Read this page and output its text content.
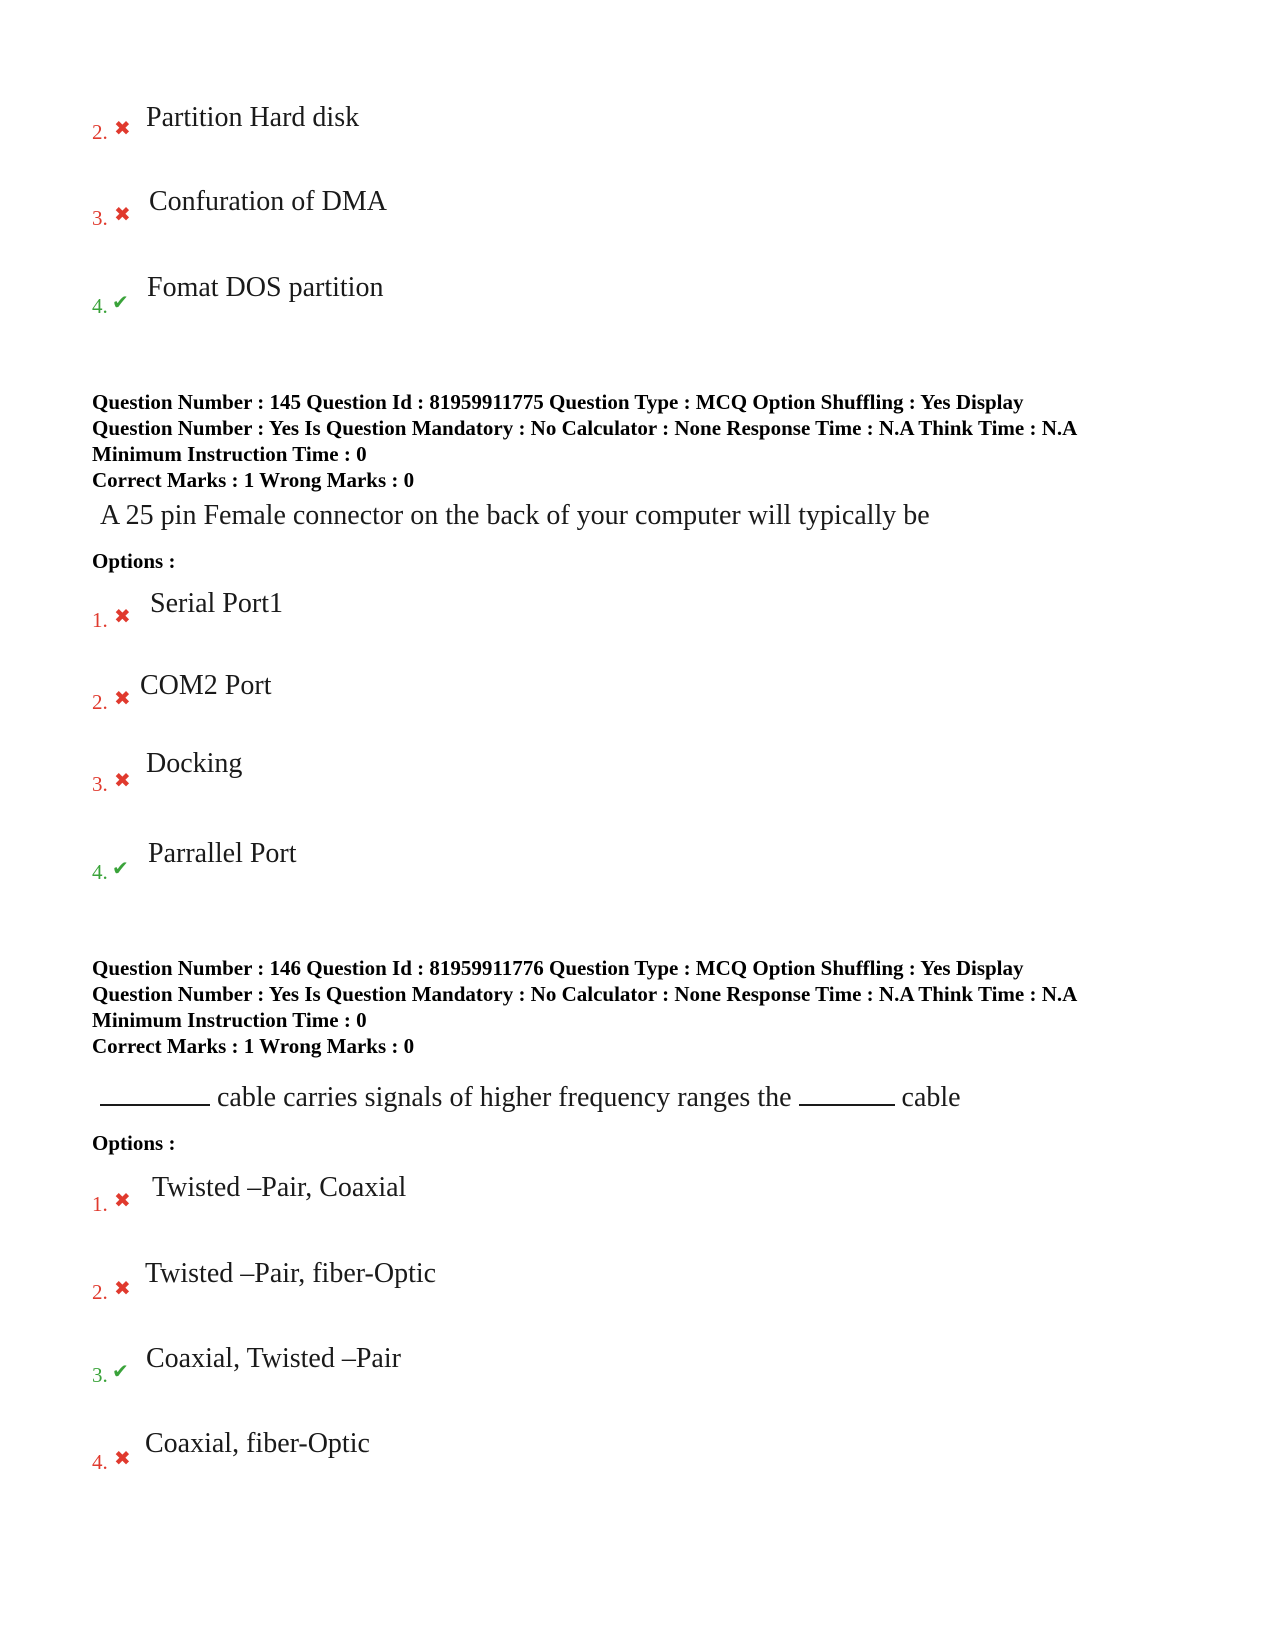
2. ✖ Partition Hard disk
3. ✖ Confuration of DMA
4. ✔ Fomat DOS partition
Question Number : 145 Question Id : 81959911775 Question Type : MCQ Option Shuffling : Yes Display
Question Number : Yes Is Question Mandatory : No Calculator : None Response Time : N.A Think Time : N.A
Minimum Instruction Time : 0
Correct Marks : 1 Wrong Marks : 0
A 25 pin Female connector on the back of your computer will typically be
Options :
1. ✖ Serial Port1
2. ✖ COM2 Port
3. ✖
Docking
4. ✔ Parrallel Port
Question Number : 146 Question Id : 81959911776 Question Type : MCQ Option Shuffling : Yes Display
Question Number : Yes Is Question Mandatory : No Calculator : None Response Time : N.A Think Time : N.A
Minimum Instruction Time : 0
Correct Marks : 1 Wrong Marks : 0
cable carries signals of higher frequency ranges the	cable
Options :
1. ✖ Twisted –Pair, Coaxial
2. ✖ Twisted –Pair, fiber-Optic
3. ✔ Coaxial, Twisted –Pair
4. ✖ Coaxial, fiber-Optic
